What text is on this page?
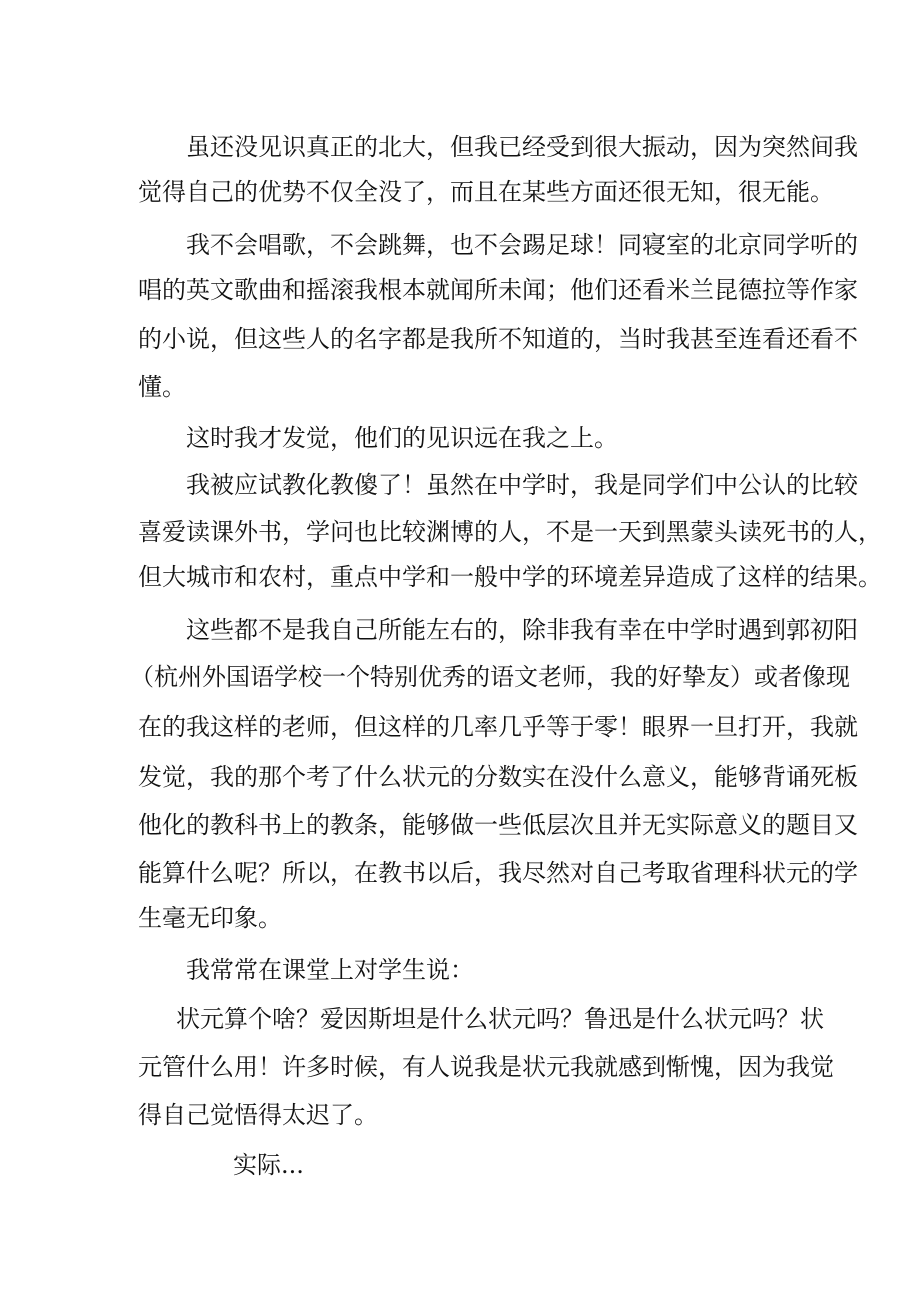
虽还没见识真正的北大，但我已经受到很大振动，因为突然间我
觉得自己的优势不仅全没了，而且在某些方面还很无知，很无能。
我不会唱歌，不会跳舞，也不会踢足球！同寝室的北京同学听的
唱的英文歌曲和摇滚我根本就闻所未闻；他们还看米兰昆德拉等作家
的小说，但这些人的名字都是我所不知道的，当时我甚至连看还看不
懂。
这时我才发觉，他们的见识远在我之上。
我被应试教化教傻了！虽然在中学时，我是同学们中公认的比较
喜爱读课外书，学问也比较渊博的人，不是一天到黑蒙头读死书的人，
但大城市和农村，重点中学和一般中学的环境差异造成了这样的结果。
这些都不是我自己所能左右的，除非我有幸在中学时遇到郭初阳
（杭州外国语学校一个特别优秀的语文老师，我的好挚友）或者像现
在的我这样的老师，但这样的几率几乎等于零！眼界一旦打开，我就
发觉，我的那个考了什么状元的分数实在没什么意义，能够背诵死板
他化的教科书上的教条，能够做一些低层次且并无实际意义的题目又
能算什么呢？所以，在教书以后，我尽然对自己考取省理科状元的学
生毫无印象。
我常常在课堂上对学生说：
状元算个啥？爱因斯坦是什么状元吗？鲁迅是什么状元吗？状
元管什么用！许多时候，有人说我是状元我就感到惭愧，因为我觉
得自己觉悟得太迟了。
实际...
